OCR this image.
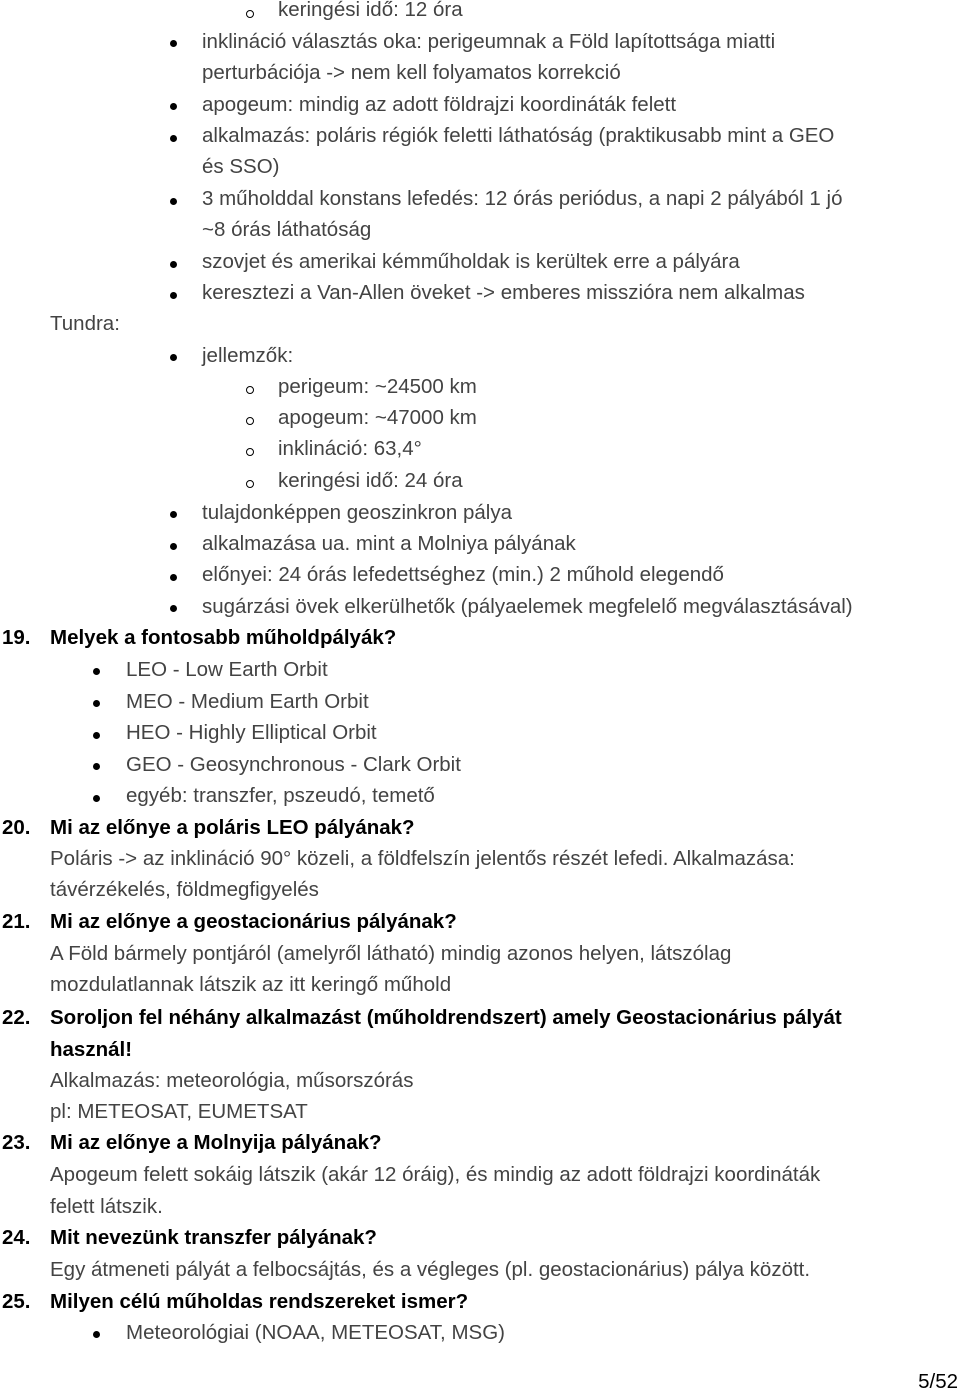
keringési idő: 12 óra
inklináció választás oka: perigeumnak a Föld lapítottsága miatti
perturbációja -> nem kell folyamatos korrekció
apogeum: mindig az adott földrajzi koordináták felett
alkalmazás: poláris régiók feletti láthatóság (praktikusabb mint a GEO
és SSO)
3 műholddal konstans lefedés: 12 órás periódus, a napi 2 pályából 1 jó
~8 órás láthatóság
szovjet és amerikai kémműholdak is kerültek erre a pályára
keresztezi a Van-Allen öveket -> emberes misszióra nem alkalmas
Tundra:
jellemzők:
perigeum: ~24500 km
apogeum: ~47000 km
inklináció: 63,4°
keringési idő: 24 óra
tulajdonképpen geoszinkron pálya
alkalmazása ua. mint a Molniya pályának
előnyei: 24 órás lefedettséghez (min.) 2 műhold elegendő
sugárzási övek elkerülhetők (pályaelemek megfelelő megválasztásával)
19. Melyek a fontosabb műholdpályák?
LEO - Low Earth Orbit
MEO - Medium Earth Orbit
HEO - Highly Elliptical Orbit
GEO - Geosynchronous - Clark Orbit
egyéb: transzfer, pszeudó, temető
20. Mi az előnye a poláris LEO pályának?
Poláris -> az inklináció 90° közeli, a földfelszín jelentős részét lefedi. Alkalmazása:
távérzékelés, földmegfigyelés
21. Mi az előnye a geostacionárius pályának?
A Föld bármely pontjáról (amelyről látható) mindig azonos helyen, látszólag
mozdulatlannak látszik az itt keringő műhold
22. Soroljon fel néhány alkalmazást (műholdrendszert) amely Geostacionárius pályát
használ!
Alkalmazás: meteorológia, műsorszórás
pl: METEOSAT, EUMETSAT
23. Mi az előnye a Molnyija pályának?
Apogeum felett sokáig látszik (akár 12 óráig), és mindig az adott földrajzi koordináták
felett látszik.
24. Mit nevezünk transzfer pályának?
Egy átmeneti pályát a felbocsájtás, és a végleges (pl. geostacionárius) pálya között.
25. Milyen célú műholdas rendszereket ismer?
Meteorológiai (NOAA, METEOSAT, MSG)
5/52
